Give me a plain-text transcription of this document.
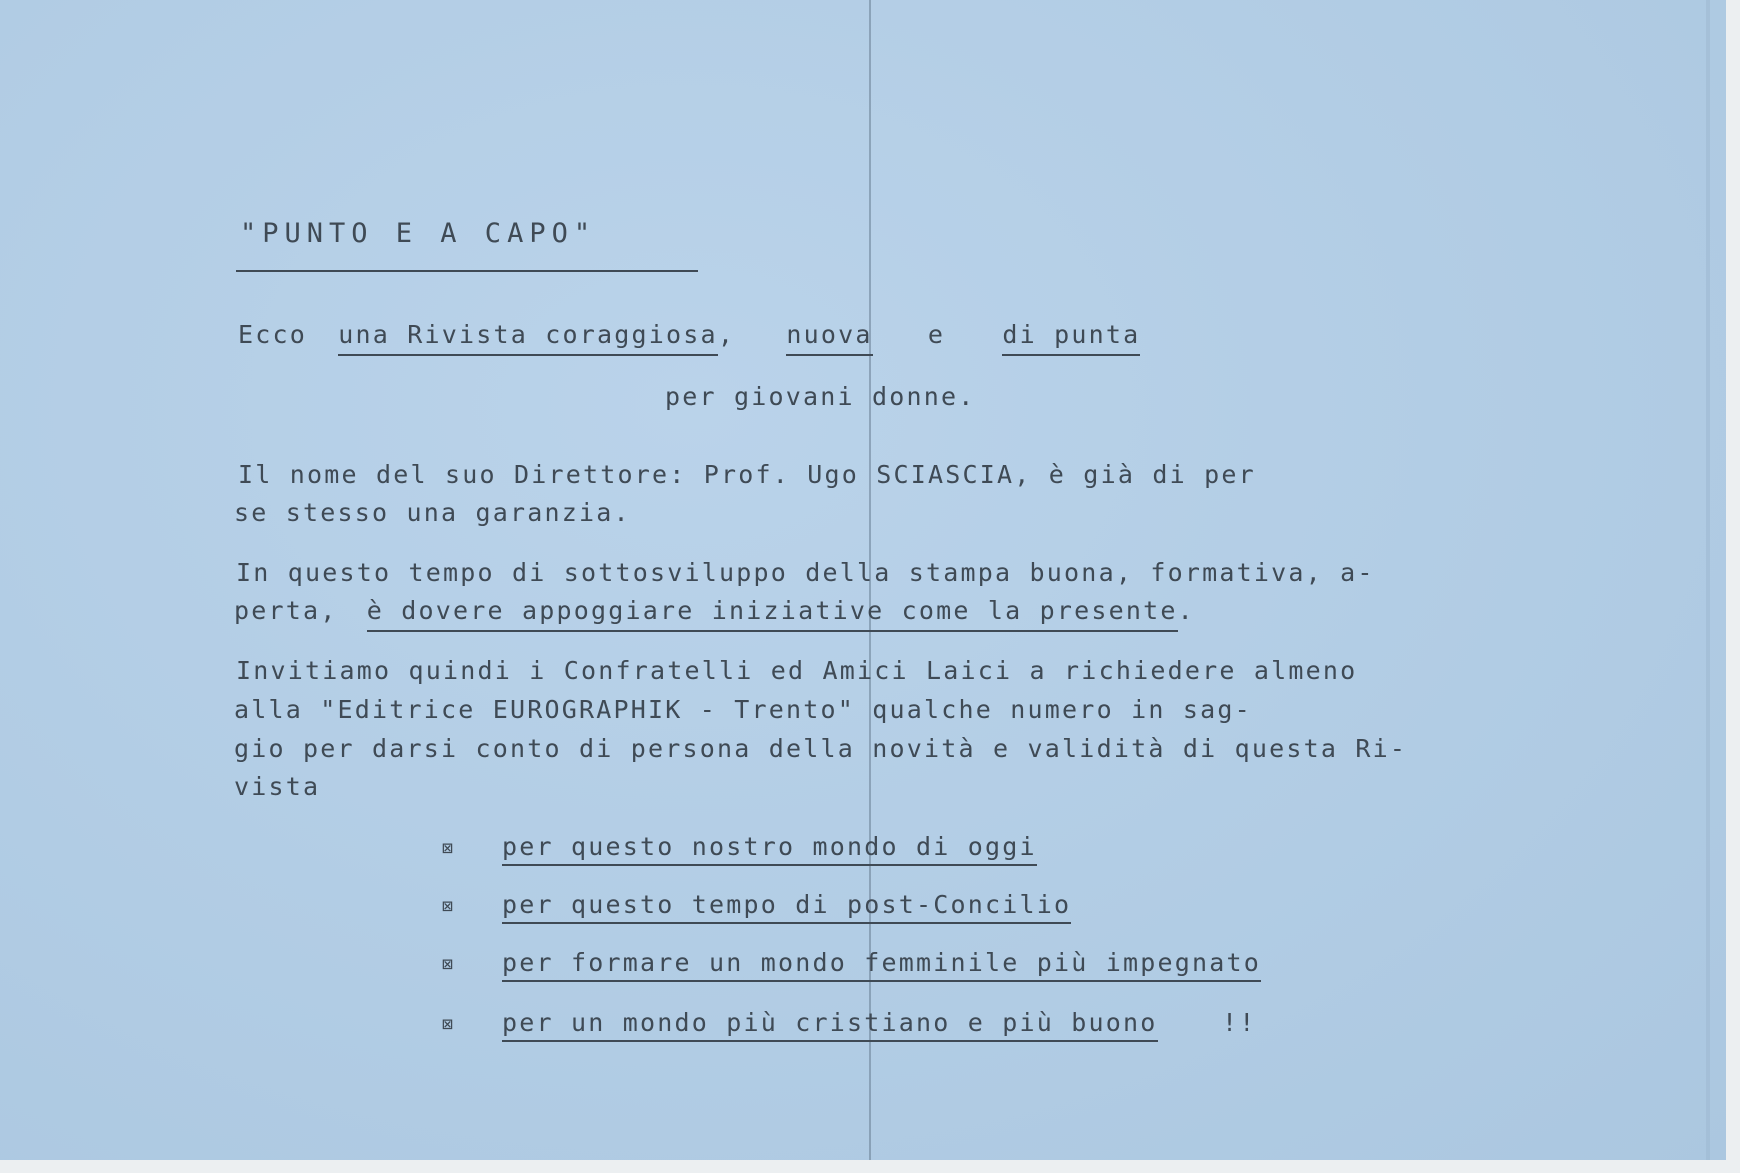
"PUNTO E A CAPO"
Ecco una Rivista coraggiosa, nuova e di punta
per giovani donne.
Il nome del suo Direttore: Prof. Ugo SCIASCIA, è già di per
se stesso una garanzia.
In questo tempo di sottosviluppo della stampa buona, formativa, a-
perta, è dovere appoggiare iniziative come la presente.
Invitiamo quindi i Confratelli ed Amici Laici a richiedere almeno
alla "Editrice EUROGRAPHIK - Trento" qualche numero in sag-
gio per darsi conto di persona della novità e validità di questa Ri-
vista
⊠ per questo nostro mondo di oggi
⊠ per questo tempo di post-Concilio
⊠ per formare un mondo femminile più impegnato
⊠ per un mondo più cristiano e più buono	!!
